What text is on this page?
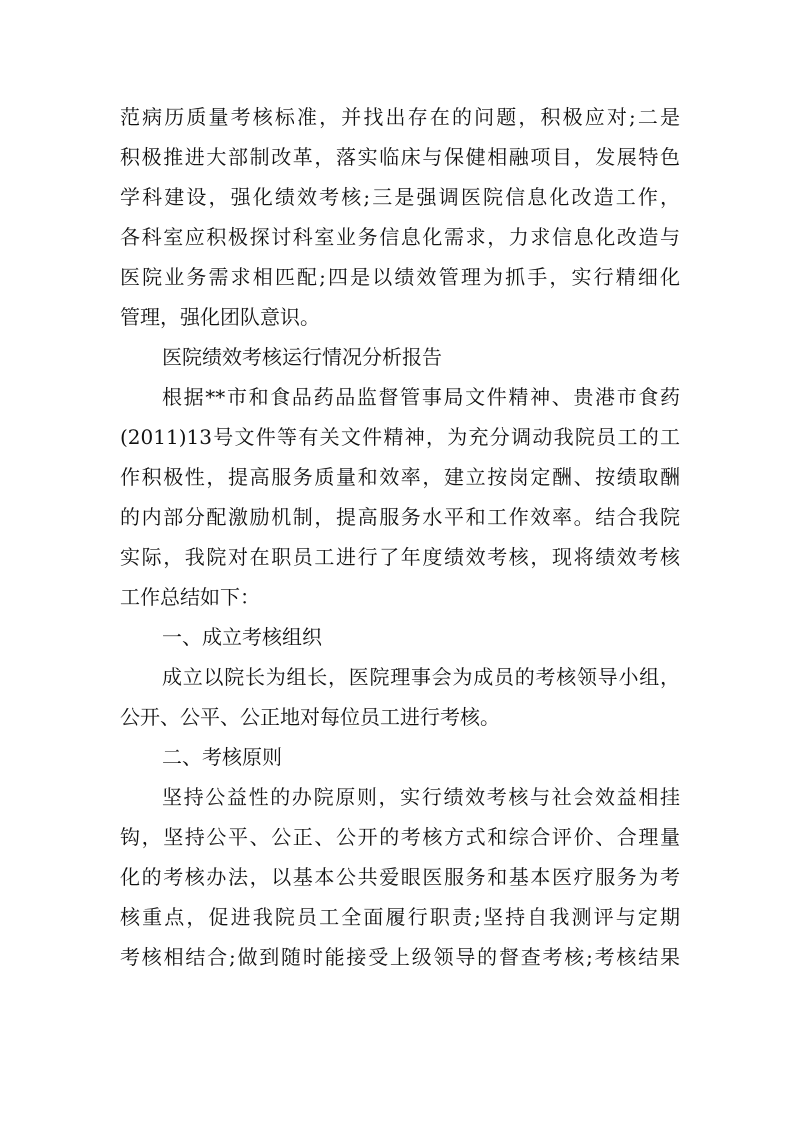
范病历质量考核标准，并找出存在的问题，积极应对;二是
积极推进大部制改革，落实临床与保健相融项目，发展特色
学科建设，强化绩效考核;三是强调医院信息化改造工作，
各科室应积极探讨科室业务信息化需求，力求信息化改造与
医院业务需求相匹配;四是以绩效管理为抓手，实行精细化
管理，强化团队意识。
医院绩效考核运行情况分析报告
根据**市和食品药品监督管事局文件精神、贵港市食药
(2011)13号文件等有关文件精神，为充分调动我院员工的工
作积极性，提高服务质量和效率，建立按岗定酬、按绩取酬
的内部分配激励机制，提高服务水平和工作效率。结合我院
实际，我院对在职员工进行了年度绩效考核，现将绩效考核
工作总结如下：
一、成立考核组织
成立以院长为组长，医院理事会为成员的考核领导小组，
公开、公平、公正地对每位员工进行考核。
二、考核原则
坚持公益性的办院原则，实行绩效考核与社会效益相挂
钩，坚持公平、公正、公开的考核方式和综合评价、合理量
化的考核办法，以基本公共爱眼医服务和基本医疗服务为考
核重点，促进我院员工全面履行职责;坚持自我测评与定期
考核相结合;做到随时能接受上级领导的督查考核;考核结果
